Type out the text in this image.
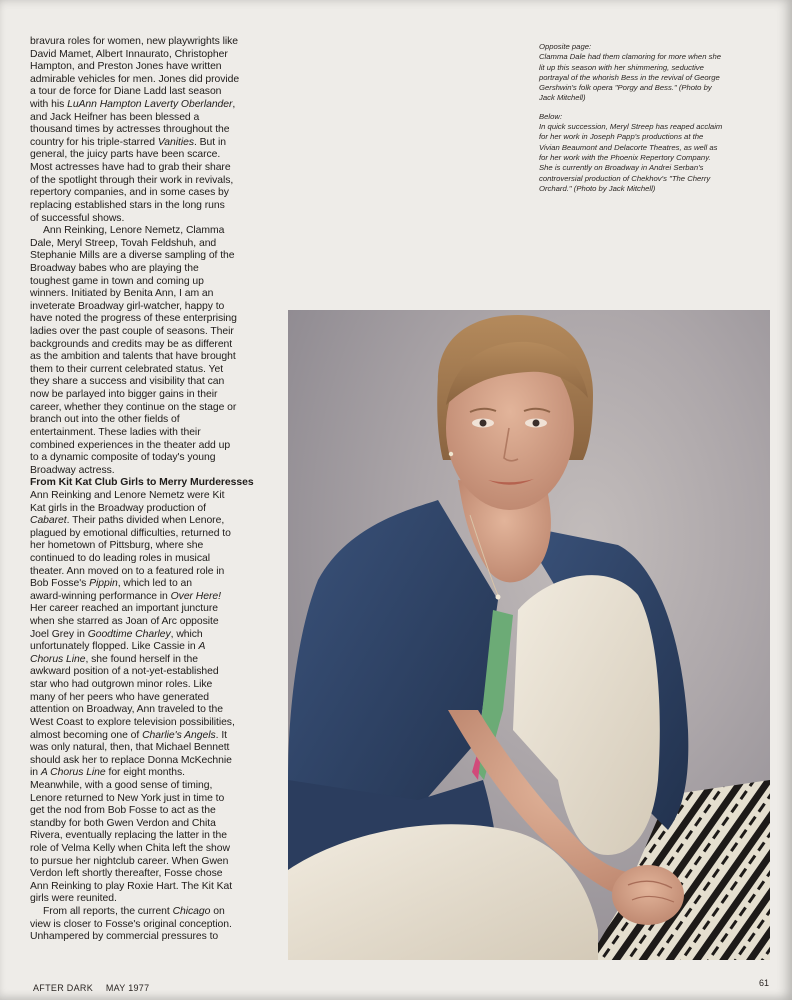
bravura roles for women, new playwrights like
David Mamet, Albert Innaurato, Christopher
Hampton, and Preston Jones have written
admirable vehicles for men. Jones did provide
a tour de force for Diane Ladd last season
with his LuAnn Hampton Laverty Oberlander,
and Jack Heifner has been blessed a
thousand times by actresses throughout the
country for his triple-starred Vanities. But in
general, the juicy parts have been scarce.
Most actresses have had to grab their share
of the spotlight through their work in revivals,
repertory companies, and in some cases by
replacing established stars in the long runs
of successful shows.
Ann Reinking, Lenore Nemetz, Clamma
Dale, Meryl Streep, Tovah Feldshuh, and
Stephanie Mills are a diverse sampling of the
Broadway babes who are playing the
toughest game in town and coming up
winners. Initiated by Benita Ann, I am an
inveterate Broadway girl-watcher, happy to
have noted the progress of these enterprising
ladies over the past couple of seasons. Their
backgrounds and credits may be as different
as the ambition and talents that have brought
them to their current celebrated status. Yet
they share a success and visibility that can
now be parlayed into bigger gains in their
career, whether they continue on the stage or
branch out into the other fields of
entertainment. These ladies with their
combined experiences in the theater add up
to a dynamic composite of today's young
Broadway actress.
From Kit Kat Club Girls to Merry Murderesses
Ann Reinking and Lenore Nemetz were Kit
Kat girls in the Broadway production of
Cabaret. Their paths divided when Lenore,
plagued by emotional difficulties, returned to
her hometown of Pittsburg, where she
continued to do leading roles in musical
theater. Ann moved on to a featured role in
Bob Fosse's Pippin, which led to an
award-winning performance in Over Here!
Her career reached an important juncture
when she starred as Joan of Arc opposite
Joel Grey in Goodtime Charley, which
unfortunately flopped. Like Cassie in A
Chorus Line, she found herself in the
awkward position of a not-yet-established
star who had outgrown minor roles. Like
many of her peers who have generated
attention on Broadway, Ann traveled to the
West Coast to explore television possibilities,
almost becoming one of Charlie's Angels. It
was only natural, then, that Michael Bennett
should ask her to replace Donna McKechnie
in A Chorus Line for eight months.
Meanwhile, with a good sense of timing,
Lenore returned to New York just in time to
get the nod from Bob Fosse to act as the
standby for both Gwen Verdon and Chita
Rivera, eventually replacing the latter in the
role of Velma Kelly when Chita left the show
to pursue her nightclub career. When Gwen
Verdon left shortly thereafter, Fosse chose
Ann Reinking to play Roxie Hart. The Kit Kat
girls were reunited.
From all reports, the current Chicago on
view is closer to Fosse's original conception.
Unhampered by commercial pressures to
Opposite page:
Clamma Dale had them clamoring for more when she
lit up this season with her shimmering, seductive
portrayal of the whorish Bess in the revival of George
Gershwin's folk opera "Porgy and Bess." (Photo by
Jack Mitchell)
Below:
In quick succession, Meryl Streep has reaped acclaim
for her work in Joseph Papp's productions at the
Vivian Beaumont and Delacorte Theatres, as well as
for her work with the Phoenix Repertory Company.
She is currently on Broadway in Andrei Serban's
controversial production of Chekhov's "The Cherry
Orchard." (Photo by Jack Mitchell)
AFTER DARK MAY 1977	61
